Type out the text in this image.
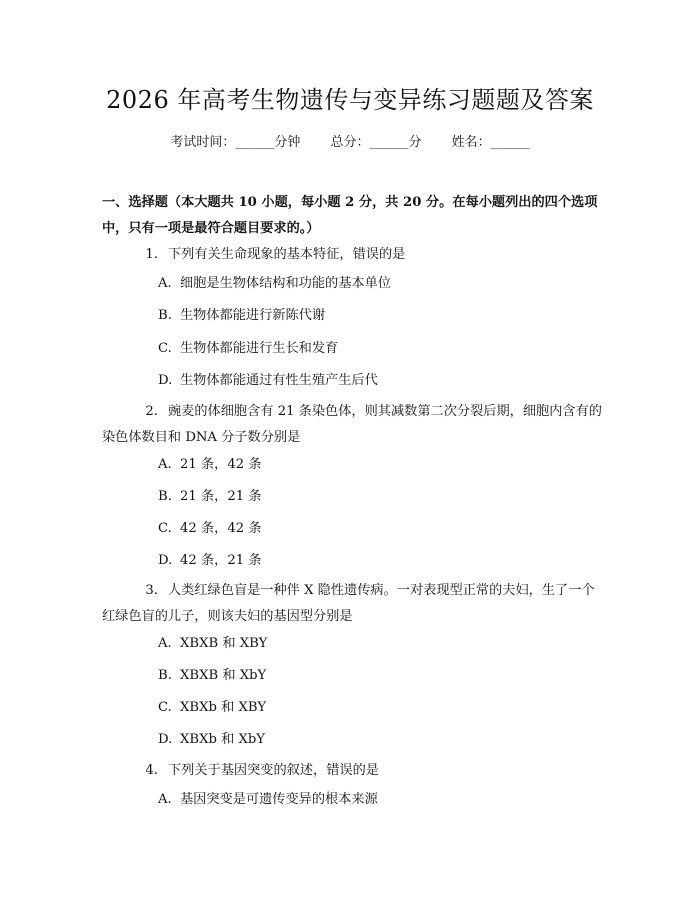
2026 年高考生物遗传与变异练习题题及答案
考试时间：______分钟 总分：______分 姓名：______
一、选择题（本大题共 10 小题，每小题 2 分，共 20 分。在每小题列出的四个选项中，只有一项是最符合题目要求的。）
1. 下列有关生命现象的基本特征，错误的是
A. 细胞是生物体结构和功能的基本单位
B. 生物体都能进行新陈代谢
C. 生物体都能进行生长和发育
D. 生物体都能通过有性生殖产生后代
2. 豌麦的体细胞含有 21 条染色体，则其减数第二次分裂后期，细胞内含有的染色体数目和 DNA 分子数分别是
A. 21 条，42 条
B. 21 条，21 条
C. 42 条，42 条
D. 42 条，21 条
3. 人类红绿色盲是一种伴 X 隐性遗传病。一对表现型正常的夫妇，生了一个红绿色盲的儿子，则该夫妇的基因型分别是
A. XBXB 和 XBY
B. XBXB 和 XbY
C. XBXb 和 XBY
D. XBXb 和 XbY
4. 下列关于基因突变的叙述，错误的是
A. 基因突变是可遗传变异的根本来源
